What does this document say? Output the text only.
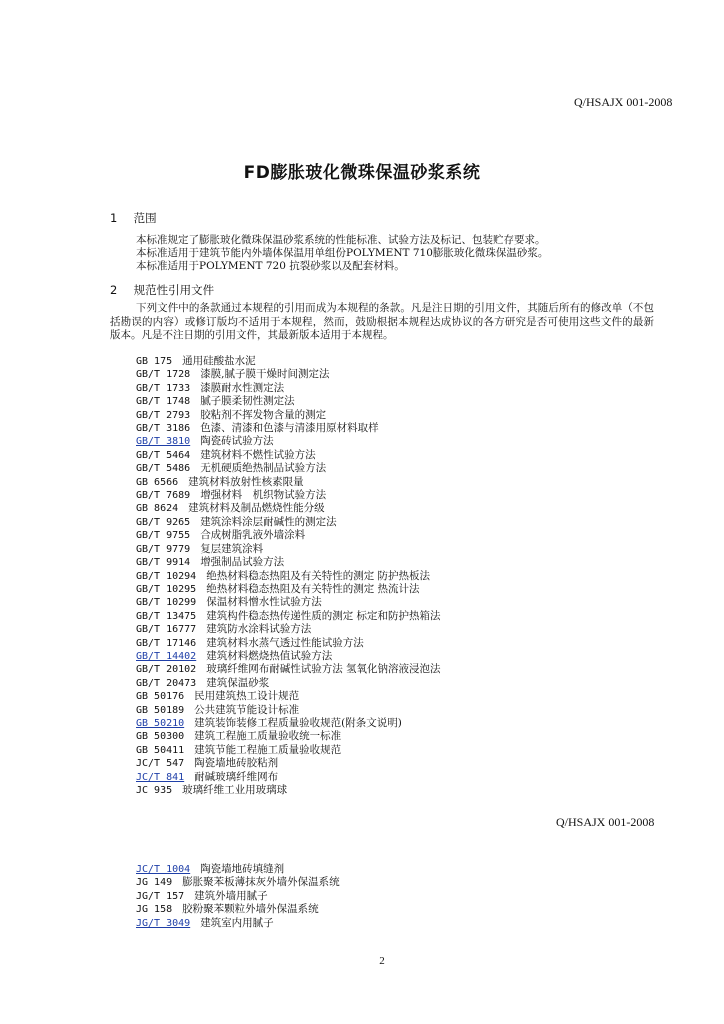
Q/HSAJX 001-2008
FD膨胀玻化微珠保温砂浆系统
1 范围
本标准规定了膨胀玻化微珠保温砂浆系统的性能标准、试验方法及标记、包装贮存要求。
本标准适用于建筑节能内外墙体保温用单组份POLYMENT 710膨胀玻化微珠保温砂浆。
本标准适用于POLYMENT 720 抗裂砂浆以及配套材料。
2 规范性引用文件
下列文件中的条款通过本规程的引用而成为本规程的条款。凡是注日期的引用文件，其随后所有的修改单（不包括勘误的内容）或修订版均不适用于本规程，然而，鼓励根据本规程达成协议的各方研究是否可使用这些文件的最新版本。凡是不注日期的引用文件，其最新版本适用于本规程。
GB 175 通用硅酸盐水泥
GB/T 1728 漆膜,腻子膜干燥时间测定法
GB/T 1733 漆膜耐水性测定法
GB/T 1748 腻子膜柔韧性测定法
GB/T 2793 胶粘剂不挥发物含量的测定
GB/T 3186 色漆、清漆和色漆与清漆用原材料取样
GB/T 3810 陶瓷砖试验方法
GB/T 5464 建筑材料不燃性试验方法
GB/T 5486 无机硬质绝热制品试验方法
GB 6566 建筑材料放射性核素限量
GB/T 7689 增强材料　机织物试验方法
GB 8624 建筑材料及制品燃烧性能分级
GB/T 9265 建筑涂料涂层耐碱性的测定法
GB/T 9755 合成树脂乳液外墙涂料
GB/T 9779 复层建筑涂料
GB/T 9914 增强制品试验方法
GB/T 10294 绝热材料稳态热阻及有关特性的测定 防护热板法
GB/T 10295 绝热材料稳态热阻及有关特性的测定 热流计法
GB/T 10299 保温材料憎水性试验方法
GB/T 13475 建筑构件稳态热传递性质的测定 标定和防护热箱法
GB/T 16777 建筑防水涂料试验方法
GB/T 17146 建筑材料水蒸气透过性能试验方法
GB/T 14402 建筑材料燃烧热值试验方法
GB/T 20102 玻璃纤维网布耐碱性试验方法 氢氧化钠溶液浸泡法
GB/T 20473 建筑保温砂浆
GB 50176 民用建筑热工设计规范
GB 50189 公共建筑节能设计标准
GB 50210 建筑装饰装修工程质量验收规范(附条文说明)
GB 50300 建筑工程施工质量验收统一标准
GB 50411 建筑节能工程施工质量验收规范
JC/T 547 陶瓷墙地砖胶粘剂
JC/T 841 耐碱玻璃纤维网布
JC 935 玻璃纤维工业用玻璃球
Q/HSAJX 001-2008
JC/T 1004 陶瓷墙地砖填缝剂
JG 149 膨胀聚苯板薄抹灰外墙外保温系统
JG/T 157 建筑外墙用腻子
JG 158 胶粉聚苯颗粒外墙外保温系统
JG/T 3049 建筑室内用腻子
2
